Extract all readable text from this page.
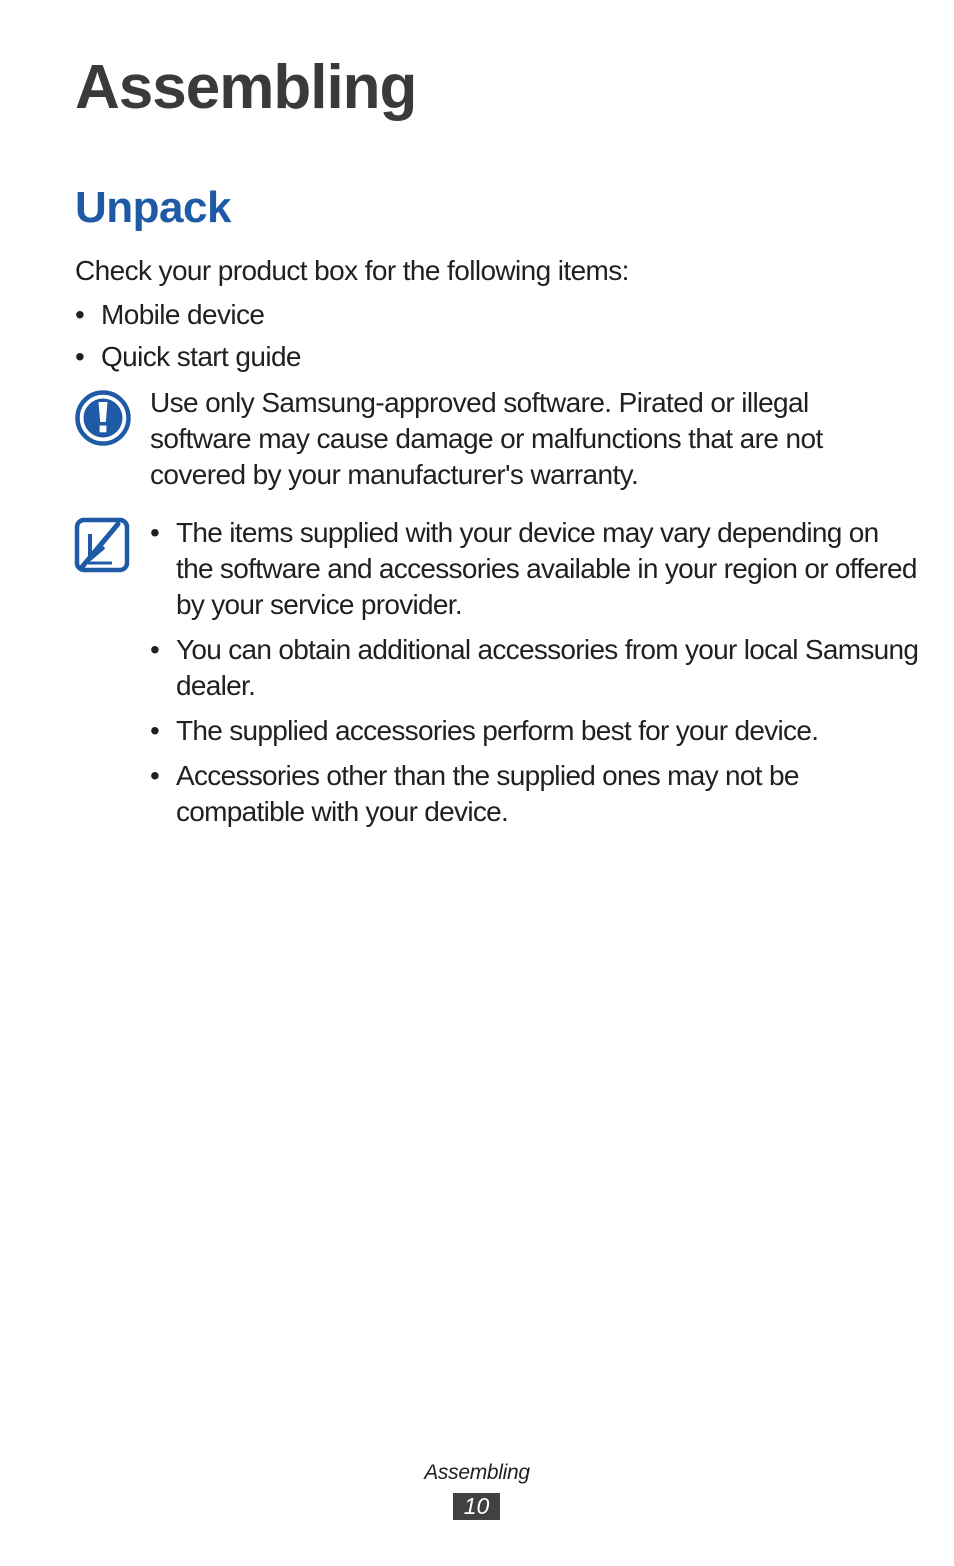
Assembling
Unpack

Check your product box for the following items:

• Mobile device
• Quick start guide

Use only Samsung-approved software. Pirated or illegal software may cause damage or malfunctions that are not covered by your manufacturer's warranty.

• The items supplied with your device may vary depending on the software and accessories available in your region or offered by your service provider.
• You can obtain additional accessories from your local Samsung dealer.
• The supplied accessories perform best for your device.
• Accessories other than the supplied ones may not be compatible with your device.
Assembling
10
